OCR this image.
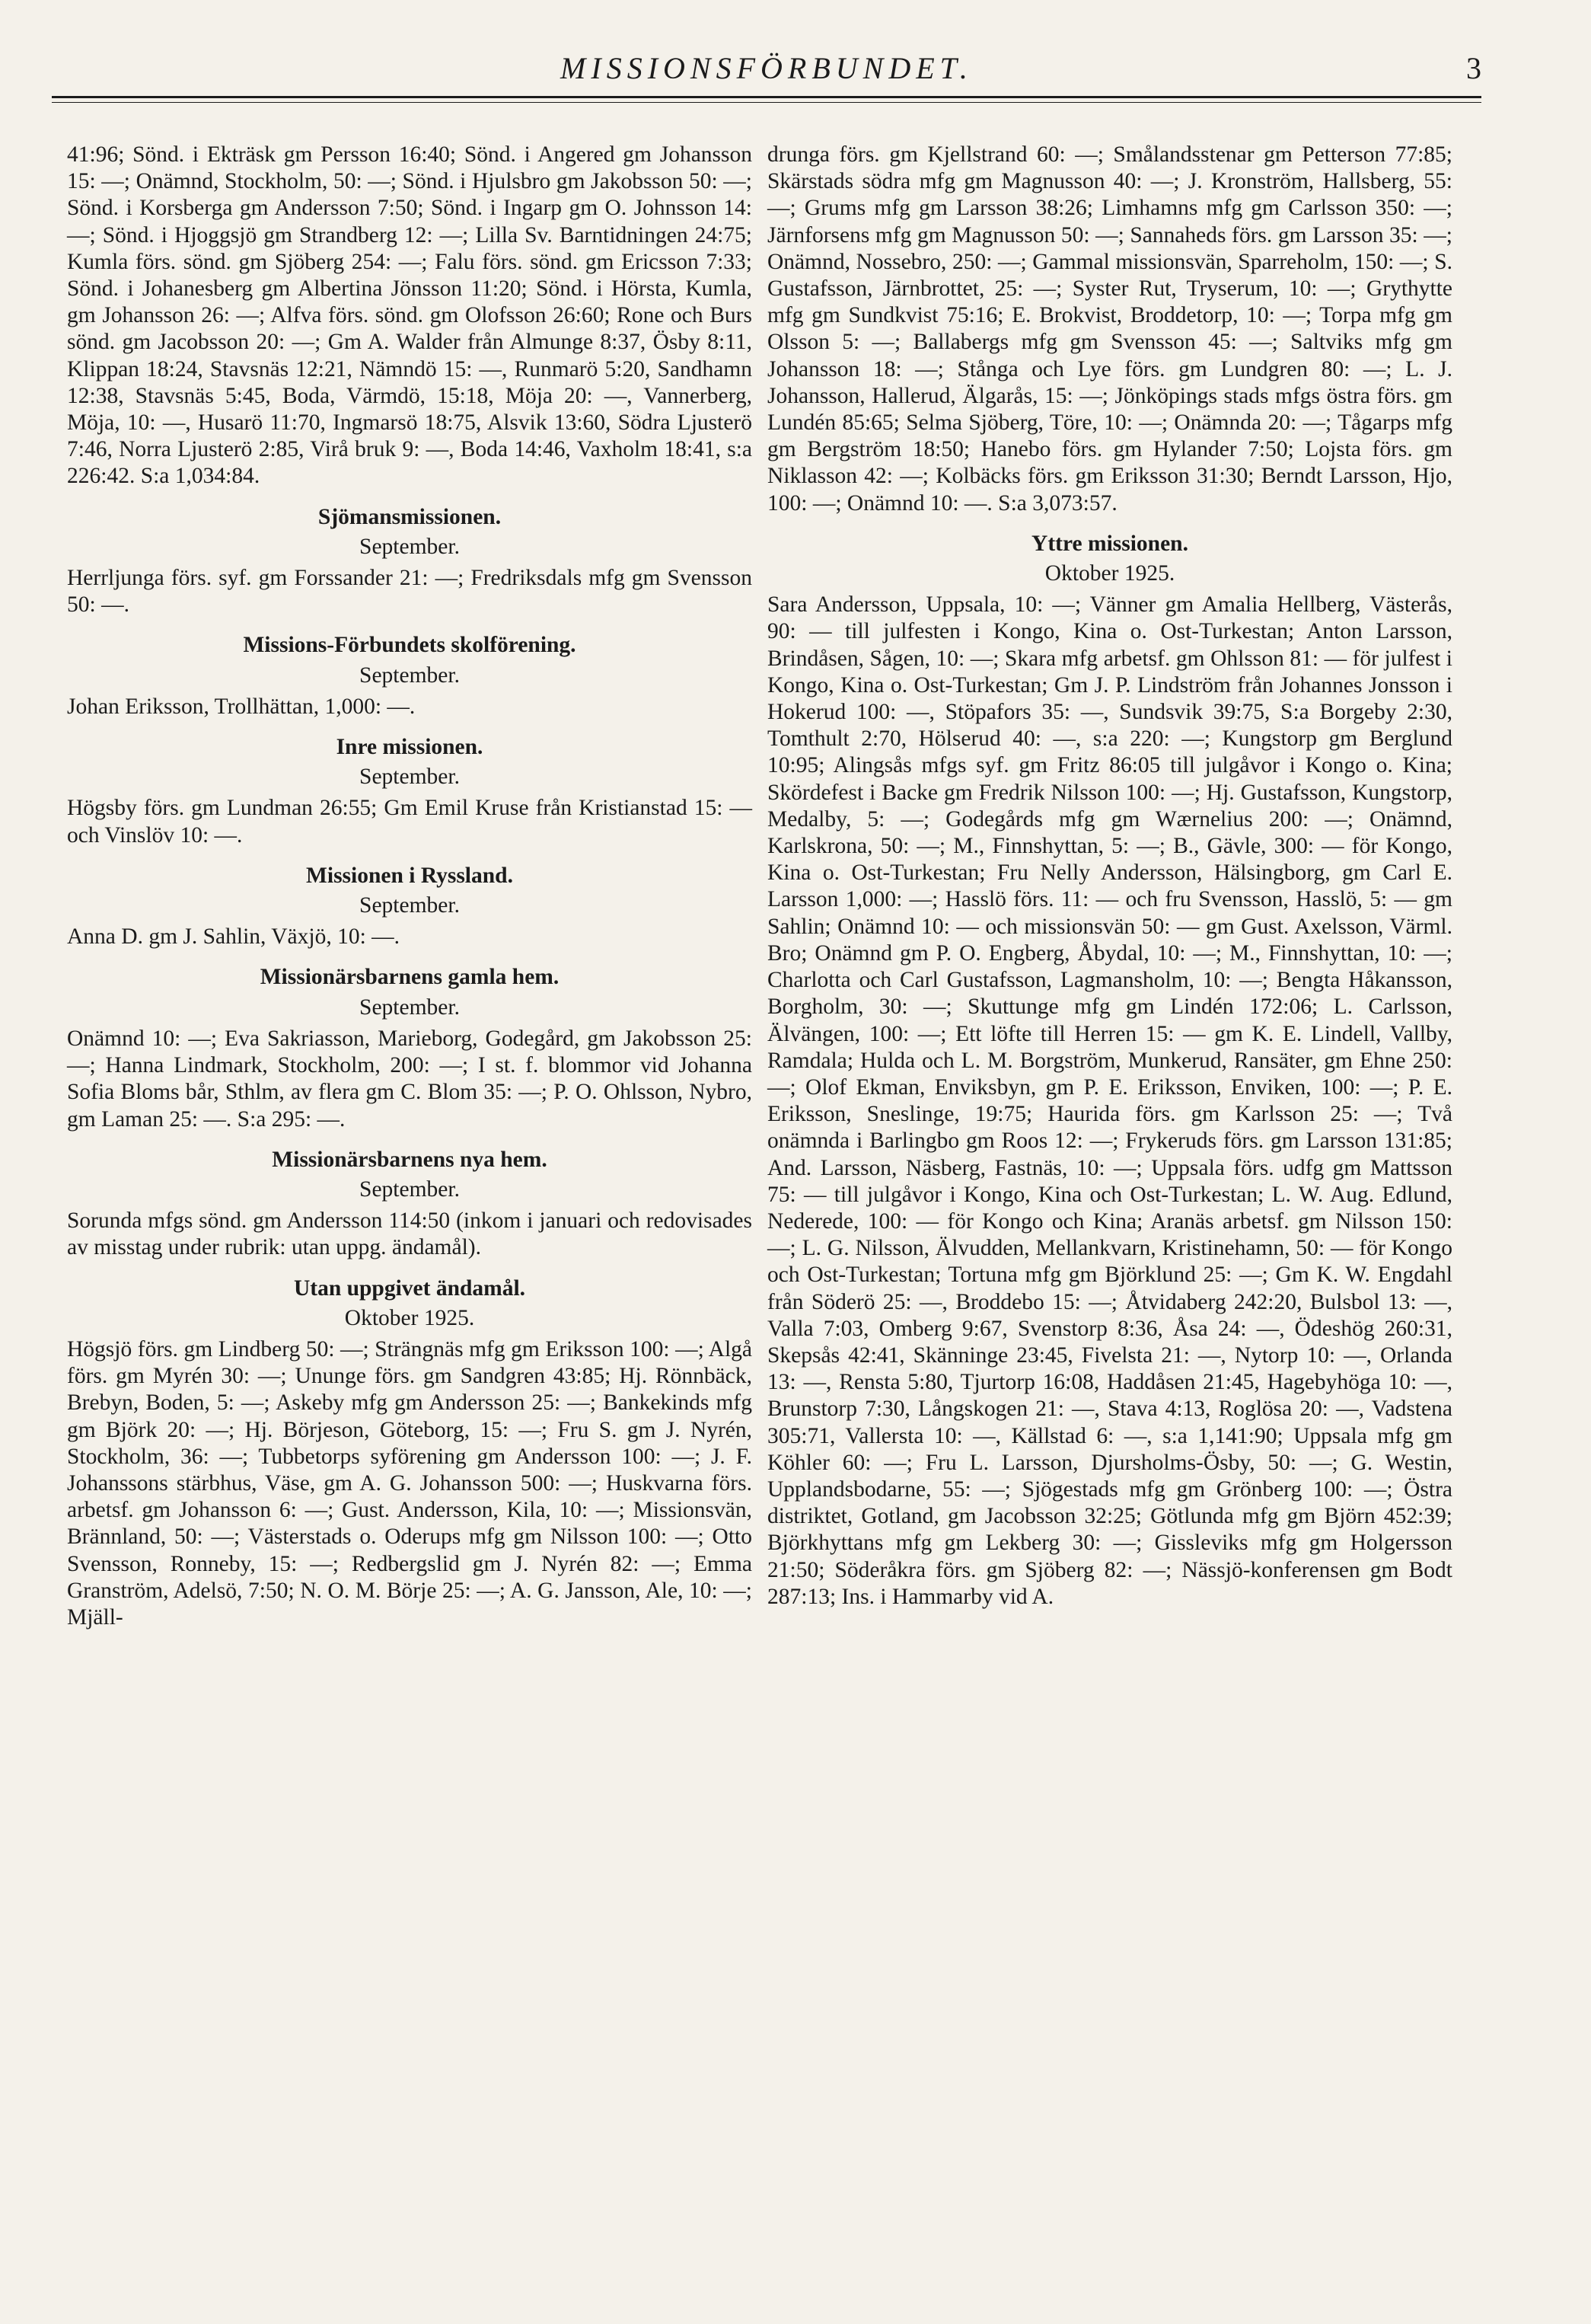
MISSIONSFÖRBUNDET.	3

41:96; Sönd. i Ekträsk gm Persson 16:40; Sönd. i Angered gm Johansson 15: —; Onämnd, Stockholm, 50: —; Sönd. i Hjulsbro gm Jakobsson 50: —; Sönd. i Korsberga gm Andersson 7:50; Sönd. i Ingarp gm O. Johnsson 14: —; Sönd. i Hjoggsjö gm Strandberg 12: —; Lilla Sv. Barntidningen 24:75; Kumla förs. sönd. gm Sjöberg 254: —; Falu förs. sönd. gm Ericsson 7:33; Sönd. i Johanesberg gm Albertina Jönsson 11:20; Sönd. i Hörsta, Kumla, gm Johansson 26: —; Alfva förs. sönd. gm Olofsson 26:60; Rone och Burs sönd. gm Jacobsson 20: —; Gm A. Walder från Almunge 8:37, Ösby 8:11, Klippan 18:24, Stavsnäs 12:21, Nämndö 15: —, Runmarö 5:20, Sandhamn 12:38, Stavsnäs 5:45, Boda, Värmdö, 15:18, Möja 20: —, Vannerberg, Möja, 10: —, Husarö 11:70, Ingmarsö 18:75, Alsvik 13:60, Södra Ljusterö 7:46, Norra Ljusterö 2:85, Virå bruk 9: —, Boda 14:46, Vaxholm 18:41, s:a 226:42. S:a 1,034:84.

Sjömansmissionen.
September.

Herrljunga förs. syf. gm Forssander 21: —; Fredriksdals mfg gm Svensson 50: —.

Missions-Förbundets skolförening.
September.

Johan Eriksson, Trollhättan, 1,000: —.

Inre missionen.
September.

Högsby förs. gm Lundman 26:55; Gm Emil Kruse från Kristianstad 15: — och Vinslöv 10: —.

Missionen i Ryssland.
September.

Anna D. gm J. Sahlin, Växjö, 10: —.

Missionärsbarnens gamla hem.
September.

Onämnd 10: —; Eva Sakriasson, Marieborg, Godegård, gm Jakobsson 25: —; Hanna Lindmark, Stockholm, 200: —; I st. f. blommor vid Johanna Sofia Bloms bår, Sthlm, av flera gm C. Blom 35: —; P. O. Ohlsson, Nybro, gm Laman 25: —. S:a 295: —.

Missionärsbarnens nya hem.
September.

Sorunda mfgs sönd. gm Andersson 114:50 (inkom i januari och redovisades av misstag under rubrik: utan uppg. ändamål).

Utan uppgivet ändamål.
Oktober 1925.

Högsjö förs. gm Lindberg 50: —; Strängnäs mfg gm Eriksson 100: —; Algå förs. gm Myrén 30: —; Ununge förs. gm Sandgren 43:85; Hj. Rönnbäck, Brebyn, Boden, 5: —; Askeby mfg gm Andersson 25: —; Bankekinds mfg gm Björk 20: —; Hj. Börjeson, Göteborg, 15: —; Fru S. gm J. Nyrén, Stockholm, 36: —; Tubbetorps syförening gm Andersson 100: —; J. F. Johanssons stärbhus, Väse, gm A. G. Johansson 500: —; Huskvarna förs. arbetsf. gm Johansson 6: —; Gust. Andersson, Kila, 10: —; Missionsvän, Brännland, 50: —; Västerstads o. Oderups mfg gm Nilsson 100: —; Otto Svensson, Ronneby, 15: —; Redbergslid gm J. Nyrén 82: —; Emma Granström, Adelsö, 7:50; N. O. M. Börje 25: —; A. G. Jansson, Ale, 10: —; Mjäll-

drunga förs. gm Kjellstrand 60: —; Smålandsstenar gm Petterson 77:85; Skärstads södra mfg gm Magnusson 40: —; J. Kronström, Hallsberg, 55: —; Grums mfg gm Larsson 38:26; Limhamns mfg gm Carlsson 350: —; Järnforsens mfg gm Magnusson 50: —; Sannaheds förs. gm Larsson 35: —; Onämnd, Nossebro, 250: —; Gammal missionsvän, Sparreholm, 150: —; S. Gustafsson, Järnbrottet, 25: —; Syster Rut, Tryserum, 10: —; Grythytte mfg gm Sundkvist 75:16; E. Brokvist, Broddetorp, 10: —; Torpa mfg gm Olsson 5: —; Ballabergs mfg gm Svensson 45: —; Saltviks mfg gm Johansson 18: —; Stånga och Lye förs. gm Lundgren 80: —; L. J. Johansson, Hallerud, Älgarås, 15: —; Jönköpings stads mfgs östra förs. gm Lundén 85:65; Selma Sjöberg, Töre, 10: —; Onämnda 20: —; Tågarps mfg gm Bergström 18:50; Hanebo förs. gm Hylander 7:50; Lojsta förs. gm Niklasson 42: —; Kolbäcks förs. gm Eriksson 31:30; Berndt Larsson, Hjo, 100: —; Onämnd 10: —. S:a 3,073:57.

Yttre missionen.
Oktober 1925.

Sara Andersson, Uppsala, 10: —; Vänner gm Amalia Hellberg, Västerås, 90: — till julfesten i Kongo, Kina o. Ost-Turkestan; Anton Larsson, Brindåsen, Sågen, 10: —; Skara mfg arbetsf. gm Ohlsson 81: — för julfest i Kongo, Kina o. Ost-Turkestan; Gm J. P. Lindström från Johannes Jonsson i Hokerud 100: —, Stöpafors 35: —, Sundsvik 39:75, S:a Borgeby 2:30, Tomthult 2:70, Hölserud 40: —, s:a 220: —; Kungstorp gm Berglund 10:95; Alingsås mfgs syf. gm Fritz 86:05 till julgåvor i Kongo o. Kina; Skördefest i Backe gm Fredrik Nilsson 100: —; Hj. Gustafsson, Kungstorp, Medalby, 5: —; Godegårds mfg gm Wærnelius 200: —; Onämnd, Karlskrona, 50: —; M., Finnshyttan, 5: —; B., Gävle, 300: — för Kongo, Kina o. Ost-Turkestan; Fru Nelly Andersson, Hälsingborg, gm Carl E. Larsson 1,000: —; Hasslö förs. 11: — och fru Svensson, Hasslö, 5: — gm Sahlin; Onämnd 10: — och missionsvän 50: — gm Gust. Axelsson, Värml. Bro; Onämnd gm P. O. Engberg, Åbydal, 10: —; M., Finnshyttan, 10: —; Charlotta och Carl Gustafsson, Lagmansholm, 10: —; Bengta Håkansson, Borgholm, 30: —; Skuttunge mfg gm Lindén 172:06; L. Carlsson, Älvängen, 100: —; Ett löfte till Herren 15: — gm K. E. Lindell, Vallby, Ramdala; Hulda och L. M. Borgström, Munkerud, Ransäter, gm Ehne 250: —; Olof Ekman, Enviksbyn, gm P. E. Eriksson, Enviken, 100: —; P. E. Eriksson, Sneslinge, 19:75; Haurida förs. gm Karlsson 25: —; Två onämnda i Barlingbo gm Roos 12: —; Frykeruds förs. gm Larsson 131:85; And. Larsson, Näsberg, Fastnäs, 10: —; Uppsala förs. udfg gm Mattsson 75: — till julgåvor i Kongo, Kina och Ost-Turkestan; L. W. Aug. Edlund, Nederede, 100: — för Kongo och Kina; Aranäs arbetsf. gm Nilsson 150: —; L. G. Nilsson, Älvudden, Mellankvarn, Kristinehamn, 50: — för Kongo och Ost-Turkestan; Tortuna mfg gm Björklund 25: —; Gm K. W. Engdahl från Söderö 25: —, Broddebo 15: —; Åtvidaberg 242:20, Bulsbol 13: —, Valla 7:03, Omberg 9:67, Svenstorp 8:36, Åsa 24: —, Ödeshög 260:31, Skepsås 42:41, Skänninge 23:45, Fivelsta 21: —, Nytorp 10: —, Orlanda 13: —, Rensta 5:80, Tjurtorp 16:08, Haddåsen 21:45, Hagebyhöga 10: —, Brunstorp 7:30, Långskogen 21: —, Stava 4:13, Roglösa 20: —, Vadstena 305:71, Vallersta 10: —, Källstad 6: —, s:a 1,141:90; Uppsala mfg gm Köhler 60: —; Fru L. Larsson, Djursholms-Ösby, 50: —; G. Westin, Upplandsbodarne, 55: —; Sjögestads mfg gm Grönberg 100: —; Östra distriktet, Gotland, gm Jacobsson 32:25; Götlunda mfg gm Björn 452:39; Björkhyttans mfg gm Lekberg 30: —; Gissleviks mfg gm Holgersson 21:50; Söderåkra förs. gm Sjöberg 82: —; Nässjö-konferensen gm Bodt 287:13; Ins. i Hammarby vid A.
